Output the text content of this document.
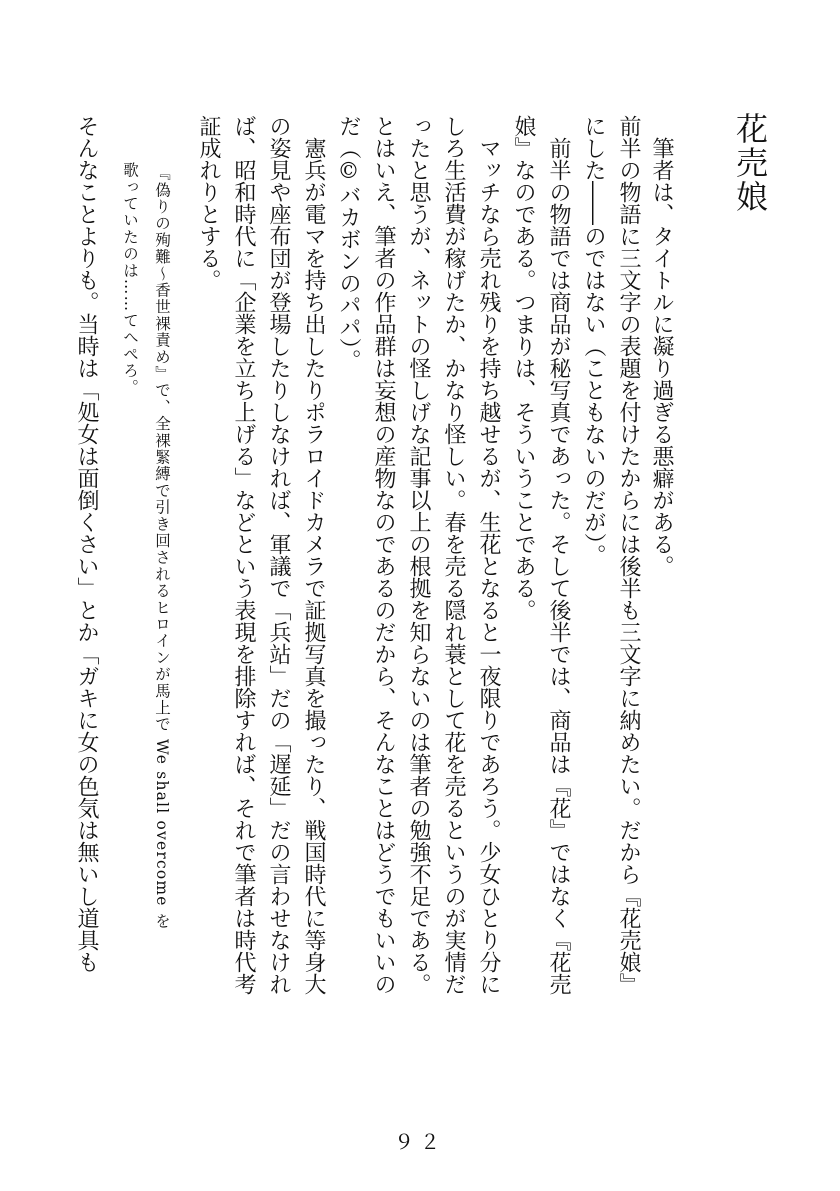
花売娘
筆者は、タイトルに凝り過ぎる悪癖がある。
前半の物語に三文字の表題を付けたからには後半も三文字に納めたい。だから『花売娘』
にした――のではない（こともないのだが）。
前半の物語では商品が秘写真であった。そして後半では、商品は『花』ではなく『花売
娘』なのである。つまりは、そういうことである。
マッチなら売れ残りを持ち越せるが、生花となると一夜限りであろう。少女ひとり分に
しろ生活費が稼げたか、かなり怪しい。春を売る隠れ蓑として花を売るというのが実情だ
ったと思うが、ネットの怪しげな記事以上の根拠を知らないのは筆者の勉強不足である。
とはいえ、筆者の作品群は妄想の産物なのであるのだから、そんなことはどうでもいいの
だ（©バカボンのパパ）。
憲兵が電マを持ち出したりポラロイドカメラで証拠写真を撮ったり、戦国時代に等身大
の姿見や座布団が登場したりしなければ、軍議で「兵站」だの「遅延」だの言わせなけれ
ば、昭和時代に「企業を立ち上げる」などという表現を排除すれば、それで筆者は時代考
証成れりとする。
『偽りの殉難～香世裸責め』で、全裸緊縛で引き回されるヒロインが馬上で We shall overcome を
歌っていたのは……てへぺろ。
そんなことよりも。当時は「処女は面倒くさい」とか「ガキに女の色気は無いし道具も
９２
